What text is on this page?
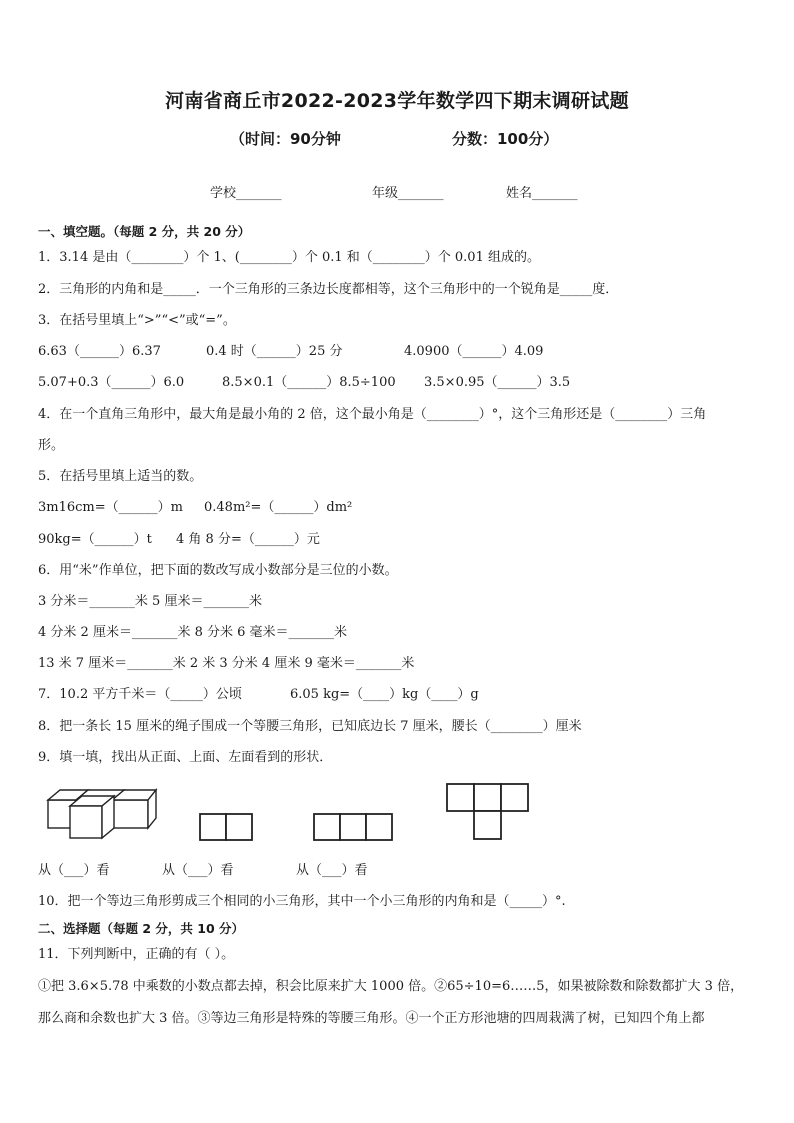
河南省商丘市2022-2023学年数学四下期末调研试题
（时间：90分钟	分数：100分）
学校_______	年级_______	姓名_______
一、填空题。（每题 2 分，共 20 分）
1．3.14 是由（________）个 1、(________）个 0.1 和（________）个 0.01 组成的。
2．三角形的内角和是_____．一个三角形的三条边长度都相等，这个三角形中的一个锐角是_____度．
3．在括号里填上“>”“<”或“=”。
6.63（______）6.37	0.4 时（______）25 分	4.0900（______）4.09
5.07+0.3（______）6.0	8.5×0.1（______）8.5÷100 3.5×0.95（______）3.5
4．在一个直角三角形中，最大角是最小角的 2 倍，这个最小角是（________）°，这个三角形还是（________）三角
形。
5．在括号里填上适当的数。
3m16cm=（______）m 0.48m²=（______）dm²
90kg=（______）t 4 角 8 分=（______）元
6．用“米”作单位，把下面的数改写成小数部分是三位的小数。
3 分米＝_______米 5 厘米＝_______米
4 分米 2 厘米＝_______米 8 分米 6 毫米＝_______米
13 米 7 厘米＝_______米 2 米 3 分米 4 厘米 9 毫米＝_______米
7．10.2 平方千米＝（_____）公顷	6.05 kg=（____）kg（____）g
8．把一条长 15 厘米的绳子围成一个等腰三角形，已知底边长 7 厘米，腰长（________）厘米
9．填一填，找出从正面、上面、左面看到的形状．
从（___）看	从（___）看	从（___）看
10．把一个等边三角形剪成三个相同的小三角形，其中一个小三角形的内角和是（_____）°.
二、选择题（每题 2 分，共 10 分）
11．下列判断中，正确的有（ ）。
①把 3.6×5.78 中乘数的小数点都去掉，积会比原来扩大 1000 倍。②65÷10=6……5，如果被除数和除数都扩大 3 倍，
那么商和余数也扩大 3 倍。③等边三角形是特殊的等腰三角形。④一个正方形池塘的四周栽满了树，已知四个角上都
